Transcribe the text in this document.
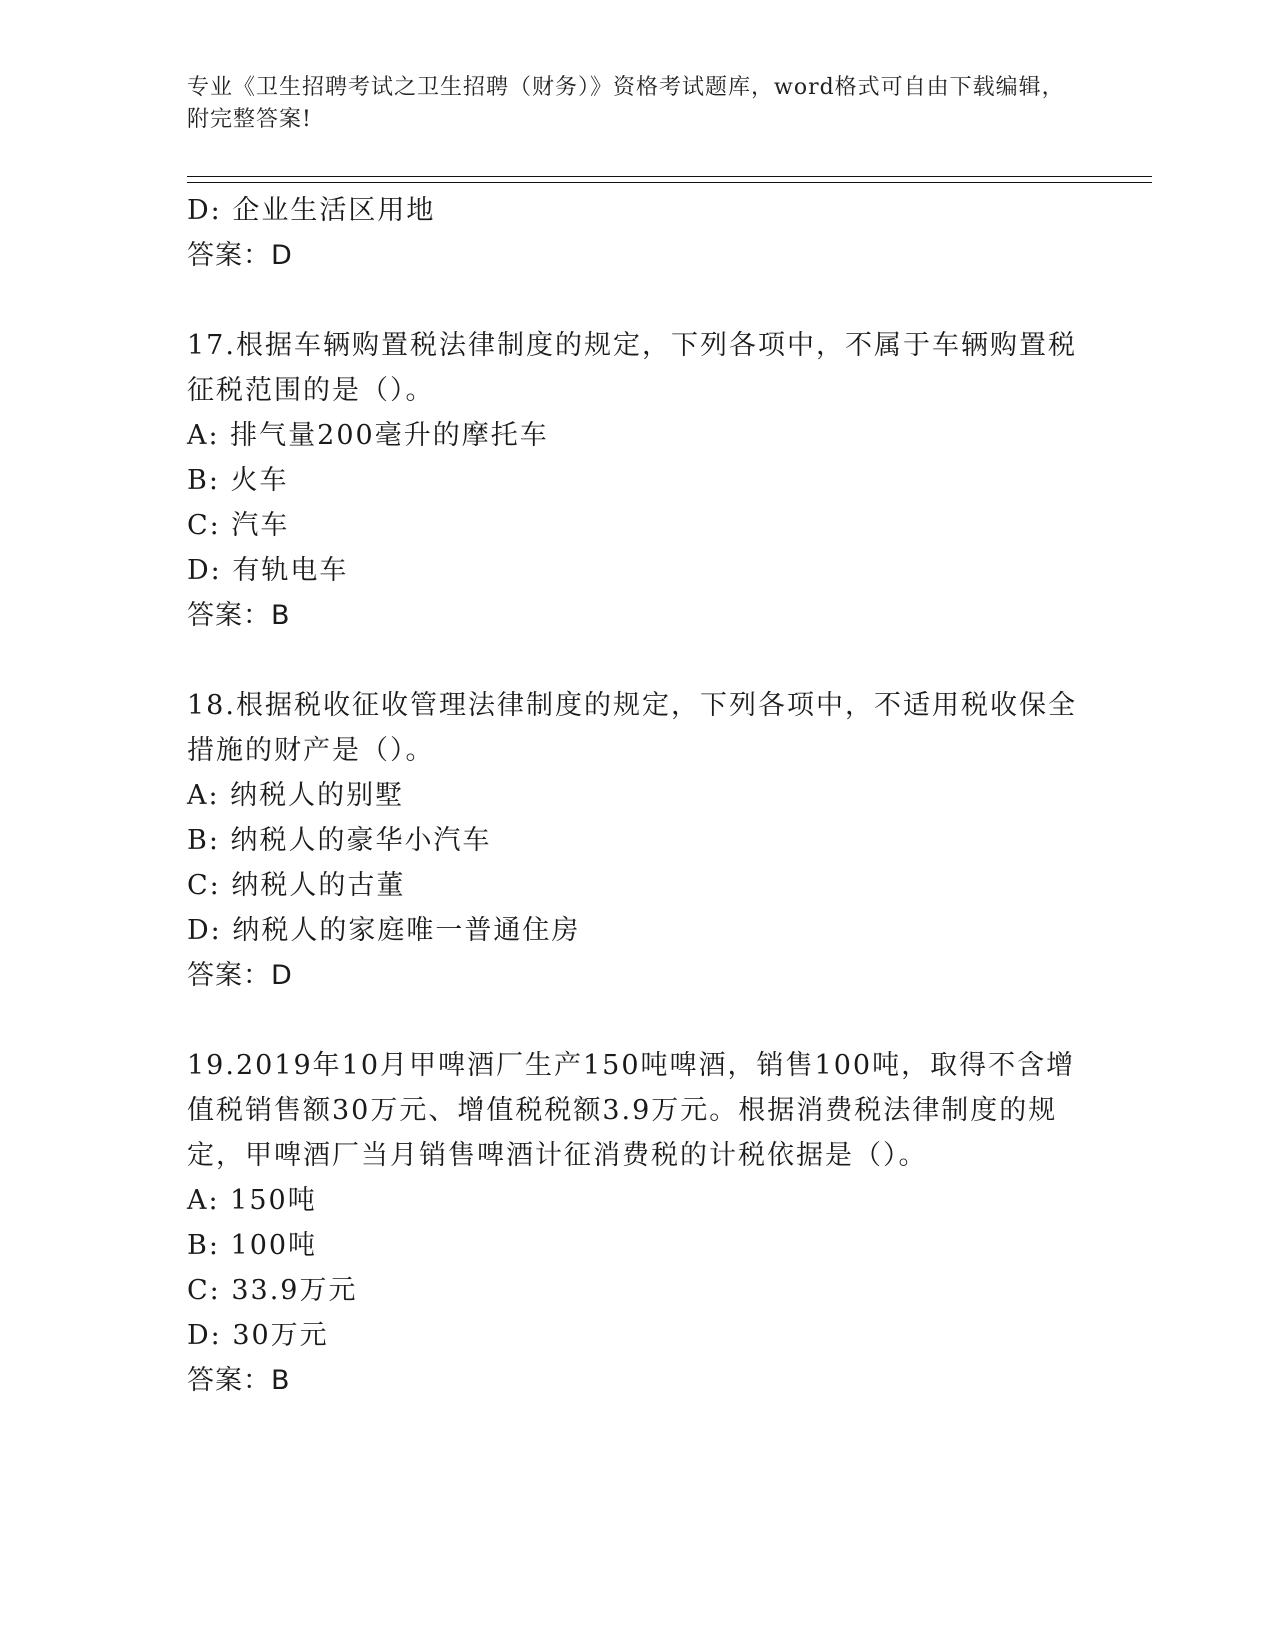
专业《卫生招聘考试之卫生招聘（财务）》资格考试题库，word格式可自由下载编辑，附完整答案!
D: 企业生活区用地
答案：D
17.根据车辆购置税法律制度的规定，下列各项中，不属于车辆购置税
征税范围的是（）。
A: 排气量200毫升的摩托车
B: 火车
C: 汽车
D: 有轨电车
答案：B
18.根据税收征收管理法律制度的规定，下列各项中，不适用税收保全
措施的财产是（）。
A: 纳税人的别墅
B: 纳税人的豪华小汽车
C: 纳税人的古董
D: 纳税人的家庭唯一普通住房
答案：D
19.2019年10月甲啤酒厂生产150吨啤酒，销售100吨，取得不含增
值税销售额30万元、增值税税额3.9万元。根据消费税法律制度的规
定，甲啤酒厂当月销售啤酒计征消费税的计税依据是（）。
A: 150吨
B: 100吨
C: 33.9万元
D: 30万元
答案：B
